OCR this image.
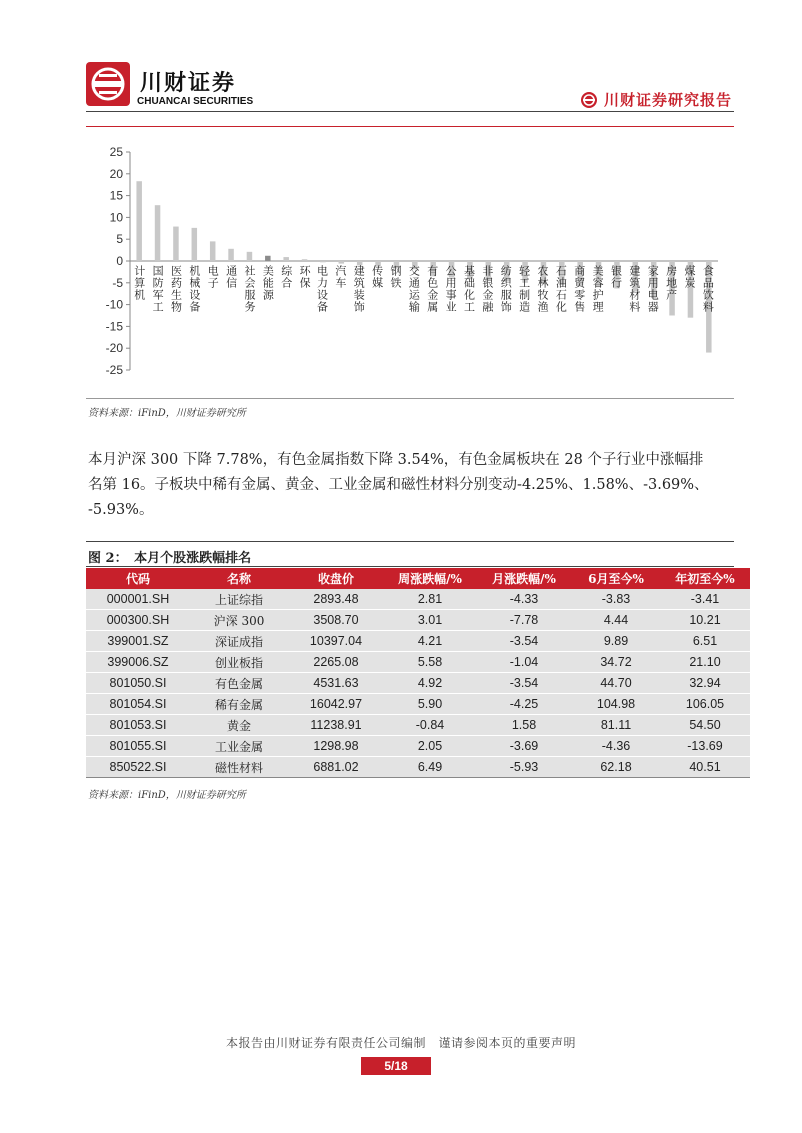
川财证券
CHUANCAI SECURITIES	川财证券研究报告
25
20
15
10
5
0
-5
-10
-15
-20
-25
计算机 国防军工 医药生物 机械设备 电子 通信 社会服务 美能源 综合 环保 电力设备 汽车 建筑装饰 传媒 钢铁 交通运输 有色金属 公用事业 基础化工 非银金融 纺织服饰 轻工制造 农林牧渔 石油石化 商贸零售 美容护理 银行 建筑材料 家用电器 房地产 煤炭 食品饮料
资料来源：iFinD，川财证券研究所

本月沪深 300 下降 7.78%，有色金属指数下降 3.54%，有色金属板块在 28 个子行业中涨幅排

名第 16。子板块中稀有金属、黄金、工业金属和磁性材料分别变动-4.25%、1.58%、-3.69%、

-5.93%。

图 2：　本月个股涨跌幅排名
代码	名称	收盘价	周涨跌幅/%	月涨跌幅/%	6月至今%	年初至今%
000001.SH	上证综指	2893.48	2.81	-4.33	-3.83	-3.41
000300.SH	沪深 300	3508.70	3.01	-7.78	4.44	10.21
399001.SZ	深证成指	10397.04	4.21	-3.54	9.89	6.51
399006.SZ	创业板指	2265.08	5.58	-1.04	34.72	21.10
801050.SI	有色金属	4531.63	4.92	-3.54	44.70	32.94
801054.SI	稀有金属	16042.97	5.90	-4.25	104.98	106.05
801053.SI	黄金	11238.91	-0.84	1.58	81.11	54.50
801055.SI	工业金属	1298.98	2.05	-3.69	-4.36	-13.69
850522.SI	磁性材料	6881.02	6.49	-5.93	62.18	40.51
资料来源：iFinD，川财证券研究所
本报告由川财证券有限责任公司编制　谨请参阅本页的重要声明
5/18
